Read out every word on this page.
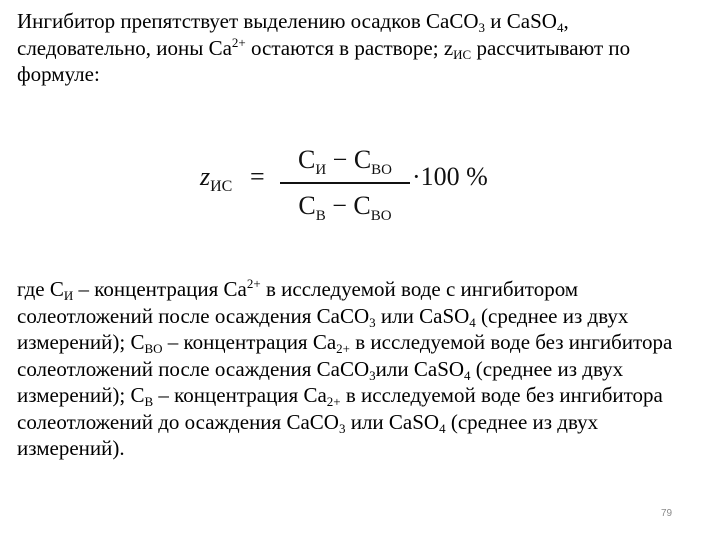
Ингибитор препятствует выделению осадков CaCO$_3$ и CaSO$_4$, следовательно, ионы $Ca^{2+}$ остаются в растворе; $z_{ИС}$ рассчитывают по формуле:

$z_{ИС}$ =
$C_И - C_{ВО}$
$C_В - C_{ВО}$
·100 %

где $C_И$ – концентрация $Ca^{2+}$ в исследуемой воде с ингибитором солеотложений после осаждения CaCO$_3$ или CaSO$_4$ (среднее из двух измерений); $C_{ВО}$ – концентрация $Ca_{2+}$ в исследуемой воде без ингибитора солеотложений после осаждения CaCO$_3$или CaSO$_4$ (среднее из двух измерений); $C_В$ – концентрация $Ca_{2+}$ в исследуемой воде без ингибитора солеотложений до осаждения CaCO$_3$ или CaSO$_4$ (среднее из двух измерений).

79
